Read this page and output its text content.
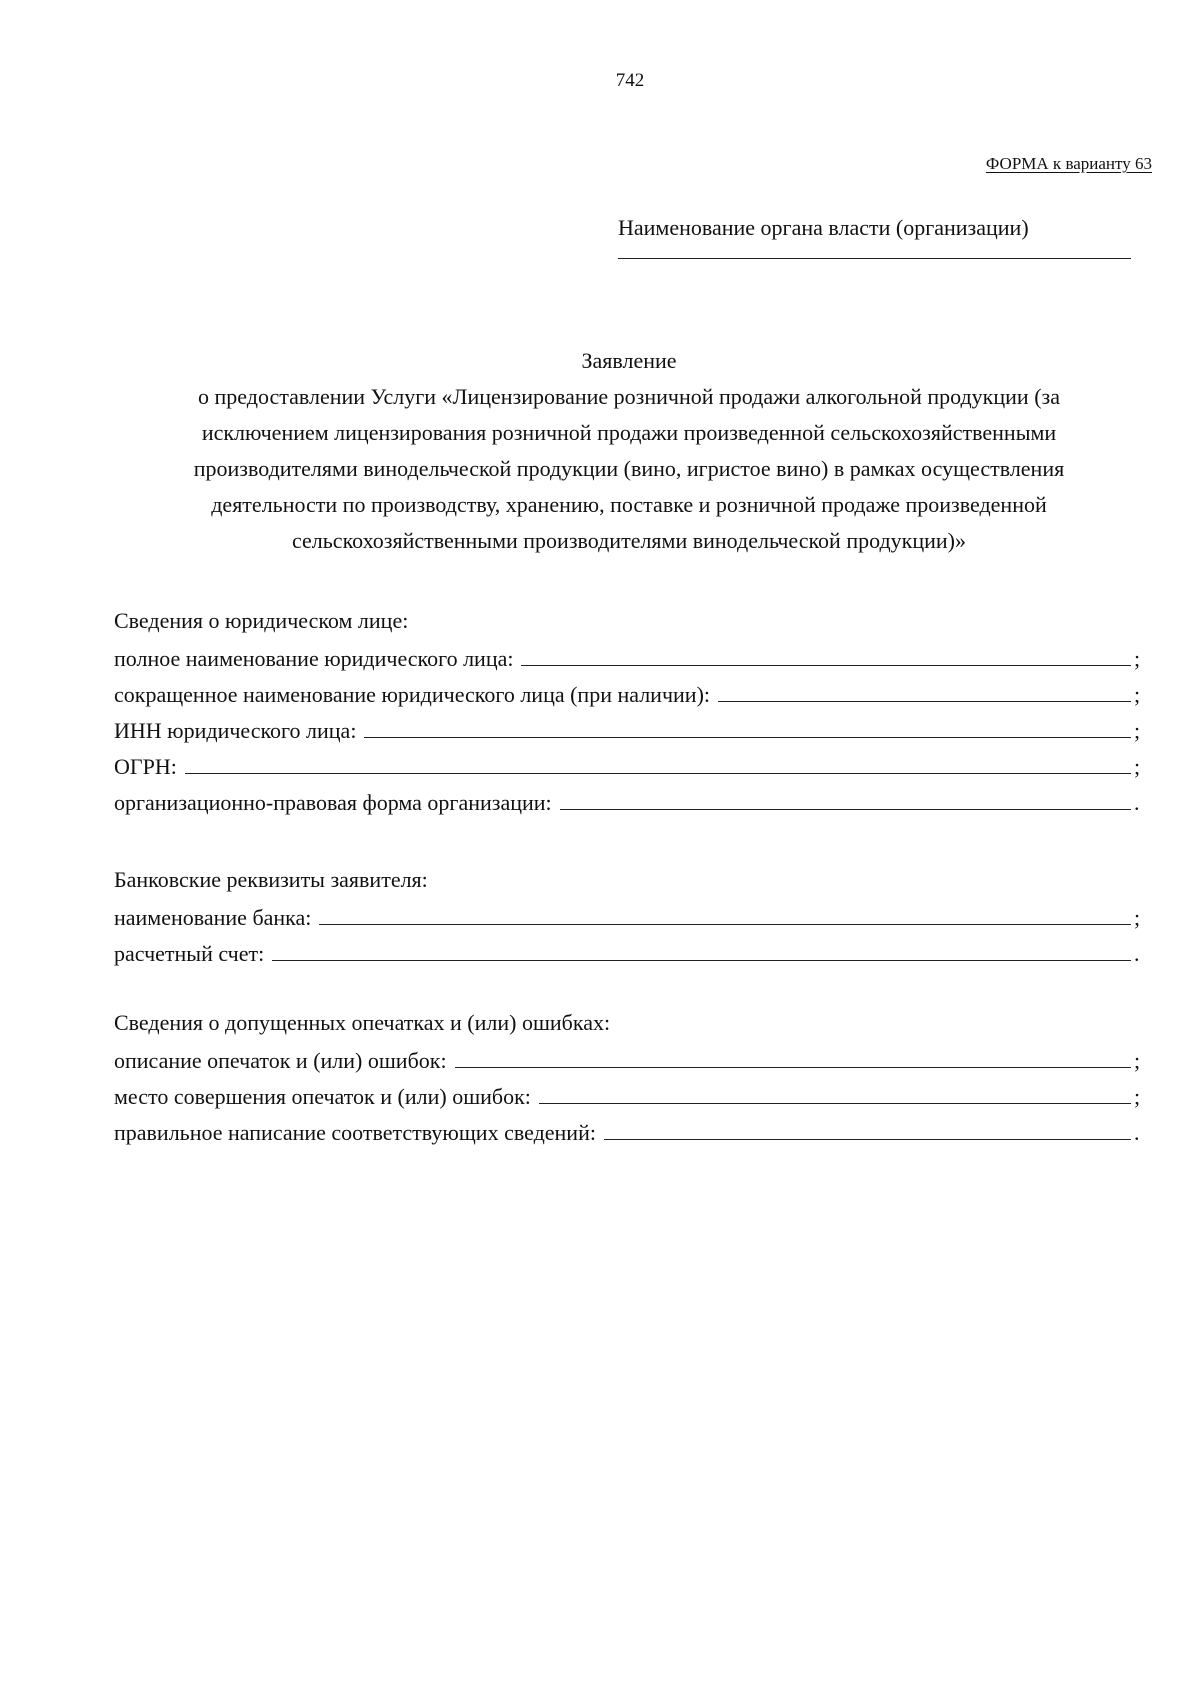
742
ФОРМА к варианту 63
Наименование органа власти (организации)
Заявление
о предоставлении Услуги «Лицензирование розничной продажи алкогольной продукции (за
исключением лицензирования розничной продажи произведенной сельскохозяйственными
производителями винодельческой продукции (вино, игристое вино) в рамках осуществления
деятельности по производству, хранению, поставке и розничной продаже произведенной
сельскохозяйственными производителями винодельческой продукции)»
Сведения о юридическом лице:
полное наименование юридического лица:	;
сокращенное наименование юридического лица (при наличии):	;
ИНН юридического лица:	;
ОГРН:	;
организационно-правовая форма организации:	.
Банковские реквизиты заявителя:
наименование банка:	;
расчетный счет:	.
Сведения о допущенных опечатках и (или) ошибках:
описание опечаток и (или) ошибок:	;
место совершения опечаток и (или) ошибок:	;
правильное написание соответствующих сведений:	.
